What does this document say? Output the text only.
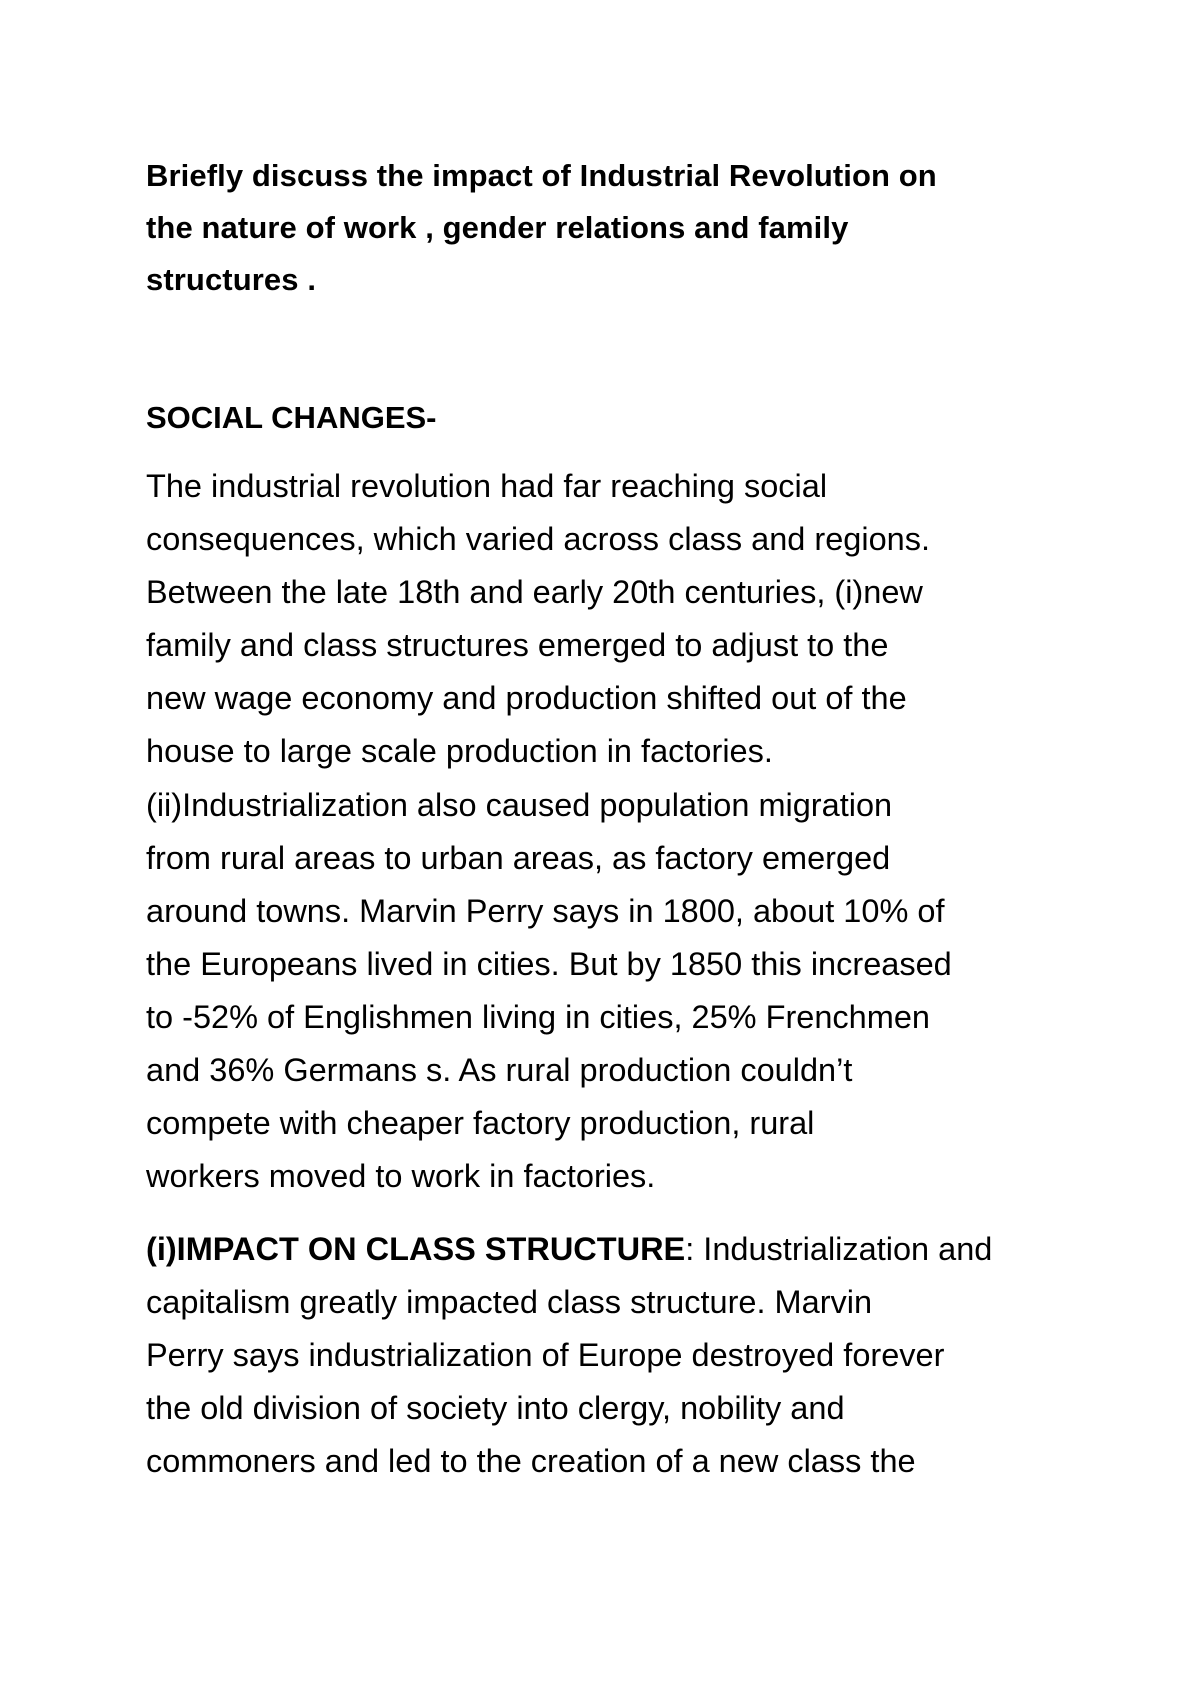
Briefly discuss the impact of Industrial Revolution on
the nature of work , gender relations and family
structures .
SOCIAL CHANGES-
The industrial revolution had far reaching social
consequences, which varied across class and regions.
Between the late 18th and early 20th centuries, (i)new
family and class structures emerged to adjust to the
new wage economy and production shifted out of the
house to large scale production in factories.
(ii)Industrialization also caused population migration
from rural areas to urban areas, as factory emerged
around towns. Marvin Perry says in 1800, about 10% of
the Europeans lived in cities. But by 1850 this increased
to -52% of Englishmen living in cities, 25% Frenchmen
and 36% Germans s. As rural production couldn’t
compete with cheaper factory production, rural
workers moved to work in factories.
(i)IMPACT ON CLASS STRUCTURE: Industrialization and
capitalism greatly impacted class structure. Marvin
Perry says industrialization of Europe destroyed forever
the old division of society into clergy, nobility and
commoners and led to the creation of a new class the
